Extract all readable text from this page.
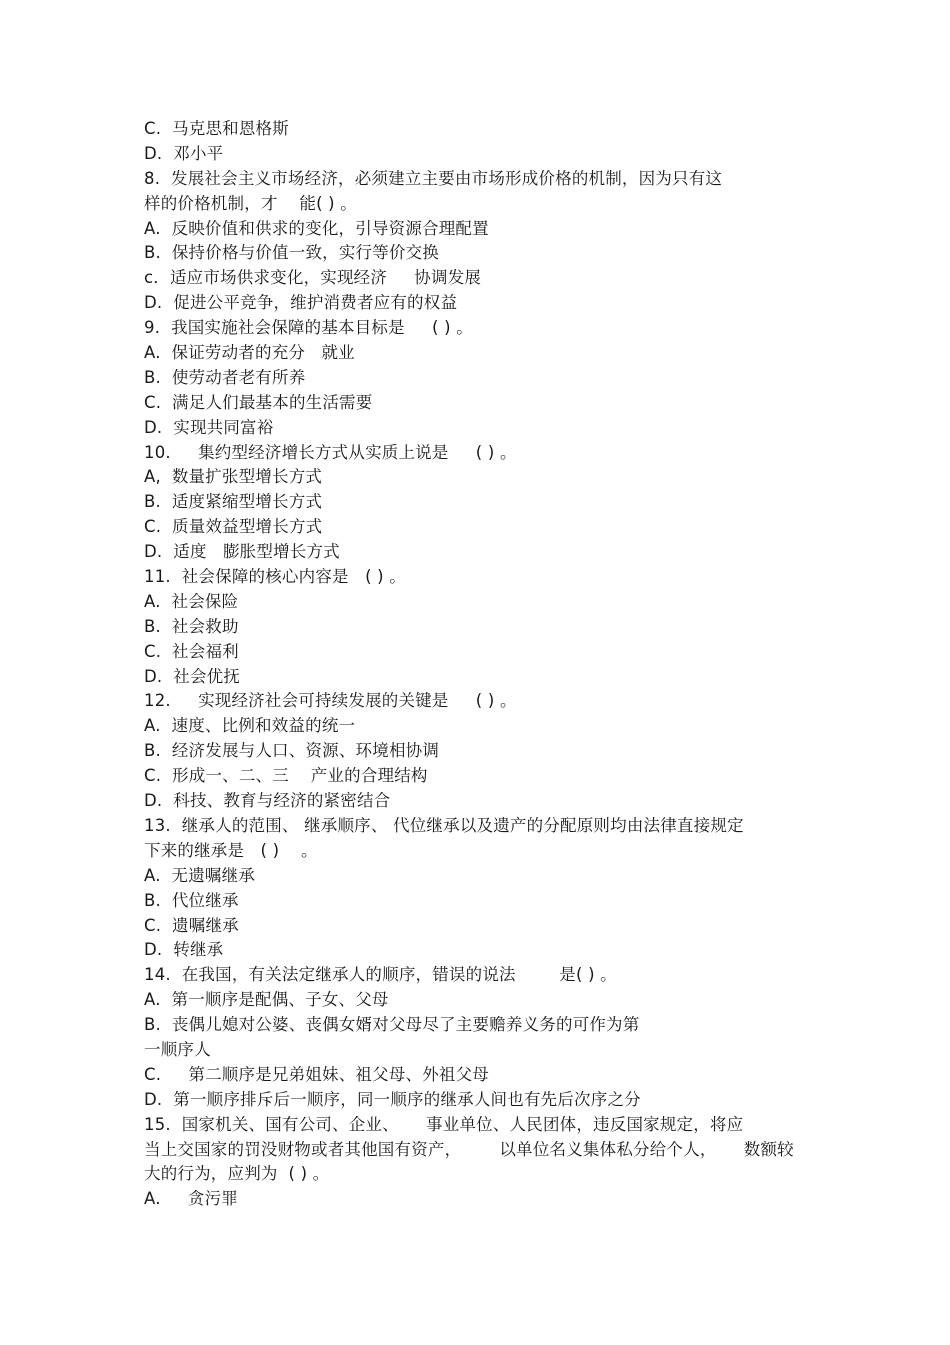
C.  马克思和恩格斯
D.  邓小平
8.  发展社会主义市场经济，必须建立主要由市场形成价格的机制，因为只有这
样的价格机制，才    能( ) 。
A.  反映价值和供求的变化，引导资源合理配置
B.  保持价格与价值一致，实行等价交换
c．适应市场供求变化，实现经济     协调发展
D.  促进公平竞争，维护消费者应有的权益
9.  我国实施社会保障的基本目标是     ( ) 。
A.  保证劳动者的充分   就业
B.  使劳动者老有所养
C.  满足人们最基本的生活需要
D.  实现共同富裕
10.     集约型经济增长方式从实质上说是     ( ) 。
A,  数量扩张型增长方式
B.  适度紧缩型增长方式
C.  质量效益型增长方式
D.  适度   膨胀型增长方式
11.  社会保障的核心内容是   ( ) 。
A.  社会保险
B.  社会救助
C.  社会福利
D.  社会优抚
12.     实现经济社会可持续发展的关键是     ( ) 。
A.  速度、比例和效益的统一
B.  经济发展与人口、资源、环境相协调
C.  形成一、二、三    产业的合理结构
D.  科技、教育与经济的紧密结合
13.  继承人的范围、 继承顺序、 代位继承以及遗产的分配原则均由法律直接规定
下来的继承是   ( )    。
A.  无遗嘱继承
B.  代位继承
C.  遗嘱继承
D.  转继承
14.  在我国，有关法定继承人的顺序，错误的说法        是( ) 。
A.  第一顺序是配偶、子女、父母
B.  丧偶儿媳对公婆、丧偶女婿对父母尽了主要赡养义务的可作为第
一顺序人
C.     第二顺序是兄弟姐妹、祖父母、外祖父母
D.  第一顺序排斥后一顺序，同一顺序的继承人间也有先后次序之分
15.  国家机关、国有公司、企业、     事业单位、人民团体，违反国家规定，将应
当上交国家的罚没财物或者其他国有资产，       以单位名义集体私分给个人，     数额较
大的行为，应判为  ( ) 。
A.     贪污罪
